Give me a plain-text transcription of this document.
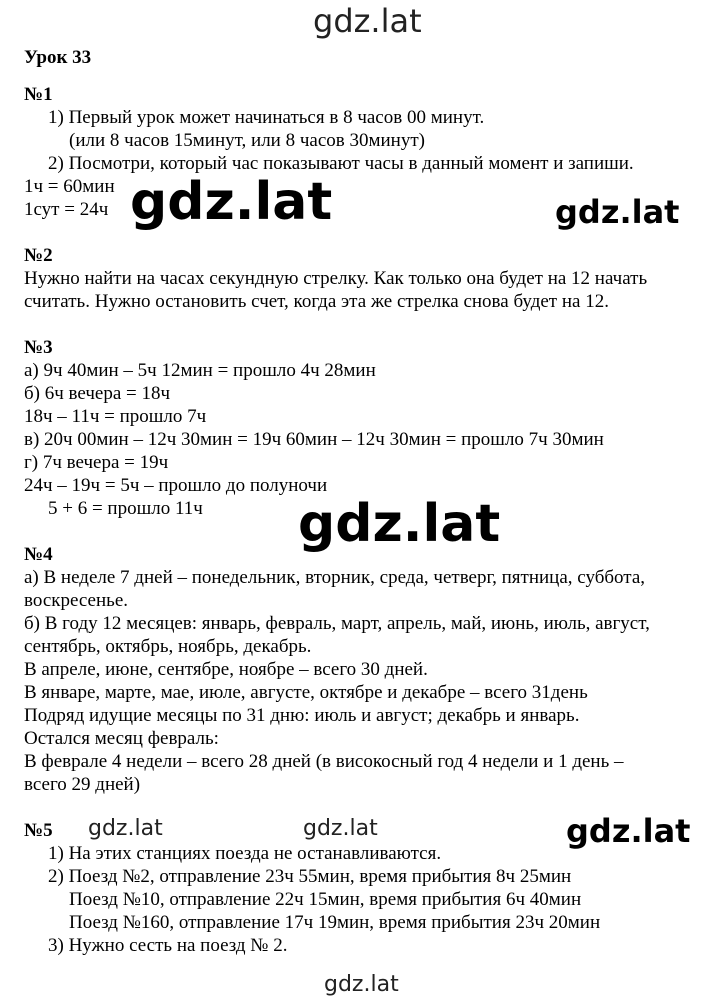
gdz.lat
gdz.lat	gdz.lat
gdz.lat
gdz.lat	gdz.lat	gdz.lat
gdz.lat
Урок 33
№1
1) Первый урок может начинаться в 8 часов 00 минут.
(или 8 часов 15минут, или 8 часов 30минут)
2) Посмотри, который час показывают часы в данный момент и запиши.
1ч = 60мин
1сут = 24ч
№2
Нужно найти на часах секундную стрелку. Как только она будет на 12 начать
считать. Нужно остановить счет, когда эта же стрелка снова будет на 12.
№3
а) 9ч 40мин – 5ч 12мин = прошло 4ч 28мин
б) 6ч вечера = 18ч
18ч – 11ч = прошло 7ч
в) 20ч 00мин – 12ч 30мин = 19ч 60мин – 12ч 30мин = прошло 7ч 30мин
г) 7ч вечера = 19ч
24ч – 19ч = 5ч – прошло до полуночи
5 + 6 = прошло 11ч
№4
а) В неделе 7 дней – понедельник, вторник, среда, четверг, пятница, суббота,
воскресенье.
б) В году 12 месяцев: январь, февраль, март, апрель, май, июнь, июль, август,
сентябрь, октябрь, ноябрь, декабрь.
В апреле, июне, сентябре, ноябре – всего 30 дней.
В январе, марте, мае, июле, августе, октябре и декабре – всего 31день
Подряд идущие месяцы по 31 дню: июль и август; декабрь и январь.
Остался месяц февраль:
В феврале 4 недели – всего 28 дней (в високосный год 4 недели и 1 день –
всего 29 дней)
№5
1) На этих станциях поезда не останавливаются.
2) Поезд №2, отправление 23ч 55мин, время прибытия 8ч 25мин
Поезд №10, отправление 22ч 15мин, время прибытия 6ч 40мин
Поезд №160, отправление 17ч 19мин, время прибытия 23ч 20мин
3) Нужно сесть на поезд № 2.
